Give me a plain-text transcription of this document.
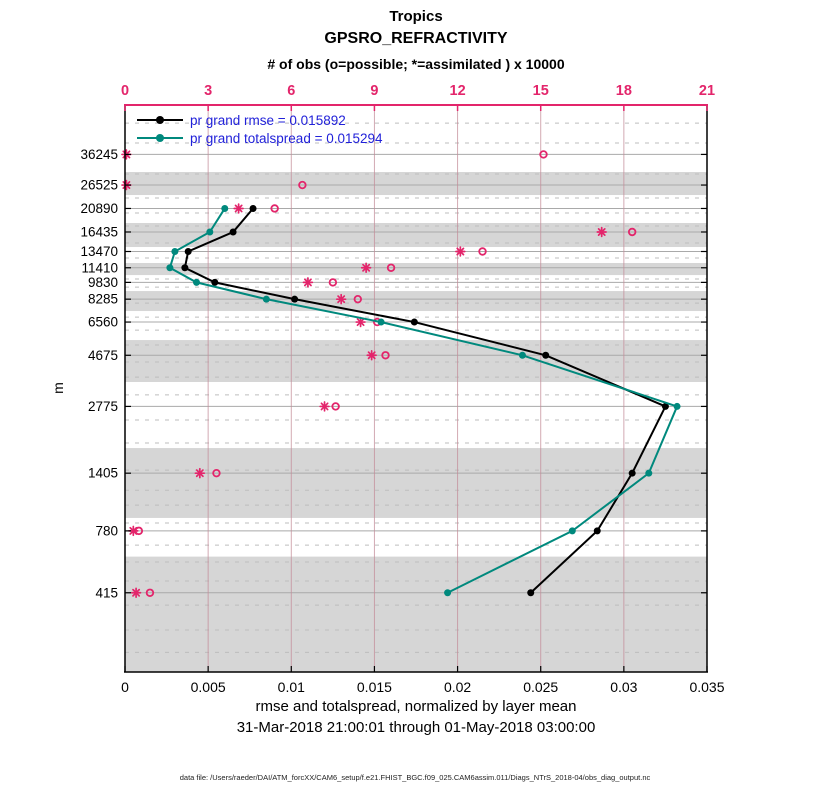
Tropics
GPSRO_REFRACTIVITY
# of obs (o=possible; *=assimilated ) x 10000
0	0.005	0.01	0.015	0.02	0.025	0.03	0.035
0	3	6	9	12	15	18	21
36245
26525
20890
16435
13470
11410
9830
8285
6560
4675
2775
1405
780
415
pr grand rmse = 0.015892
pr grand totalspread = 0.015294
m
rmse and totalspread, normalized by layer mean
31-Mar-2018 21:00:01 through 01-May-2018 03:00:00
data file: /Users/raeder/DAI/ATM_forcXX/CAM6_setup/f.e21.FHIST_BGC.f09_025.CAM6assim.011/Diags_NTrS_2018-04/obs_diag_output.nc
